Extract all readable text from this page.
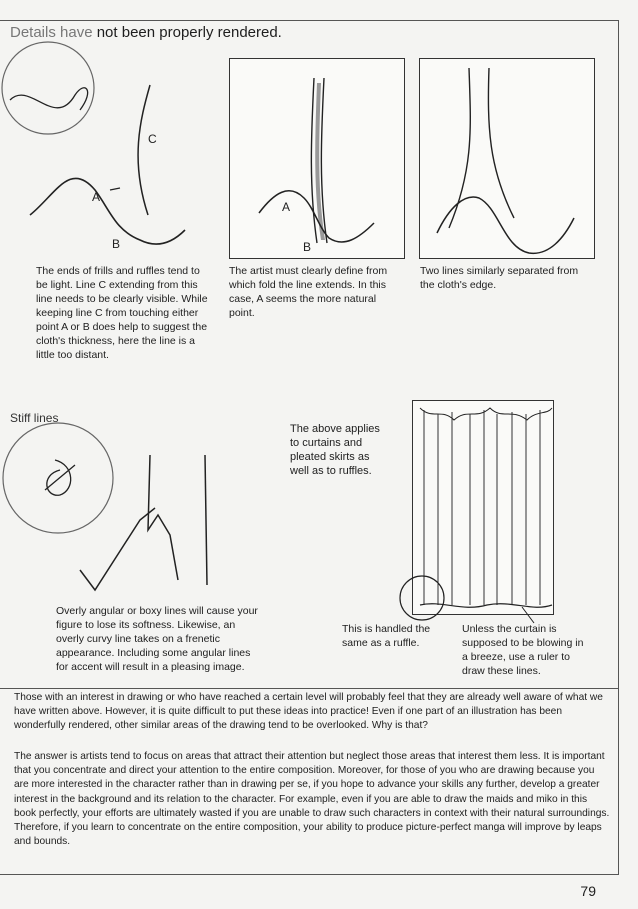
Details have not been properly rendered.
C
A
B
A
B
The ends of frills and ruffles tend to
be light. Line C extending from this
line needs to be clearly visible. While
keeping line C from touching either
point A or B does help to suggest the
cloth's thickness, here the line is a
little too distant.
The artist must clearly define from
which fold the line extends. In this
case, A seems the more natural
point.
Two lines similarly separated from
the cloth's edge.
Stiff lines
The above applies
to curtains and
pleated skirts as
well as to ruffles.
Overly angular or boxy lines will cause your
figure to lose its softness. Likewise, an
overly curvy line takes on a frenetic
appearance. Including some angular lines
for accent will result in a pleasing image.
This is handled the
same as a ruffle.
Unless the curtain is
supposed to be blowing in
a breeze, use a ruler to
draw these lines.
Those with an interest in drawing or who have reached a certain level will probably feel that they are already well aware of what we have written above. However, it is quite difficult to put these ideas into practice! Even if one part of an illustration has been wonderfully rendered, other similar areas of the drawing tend to be overlooked. Why is that?
The answer is artists tend to focus on areas that attract their attention but neglect those areas that interest them less. It is important that you concentrate and direct your attention to the entire composition. Moreover, for those of you who are drawing because you are more interested in the character rather than in drawing per se, if you hope to advance your skills any further, develop a greater interest in the background and its relation to the character. For example, even if you are able to draw the maids and miko in this book perfectly, your efforts are ultimately wasted if you are unable to draw such characters in context with their natural surroundings. Therefore, if you learn to concentrate on the entire composition, your ability to produce picture-perfect manga will improve by leaps and bounds.
79
